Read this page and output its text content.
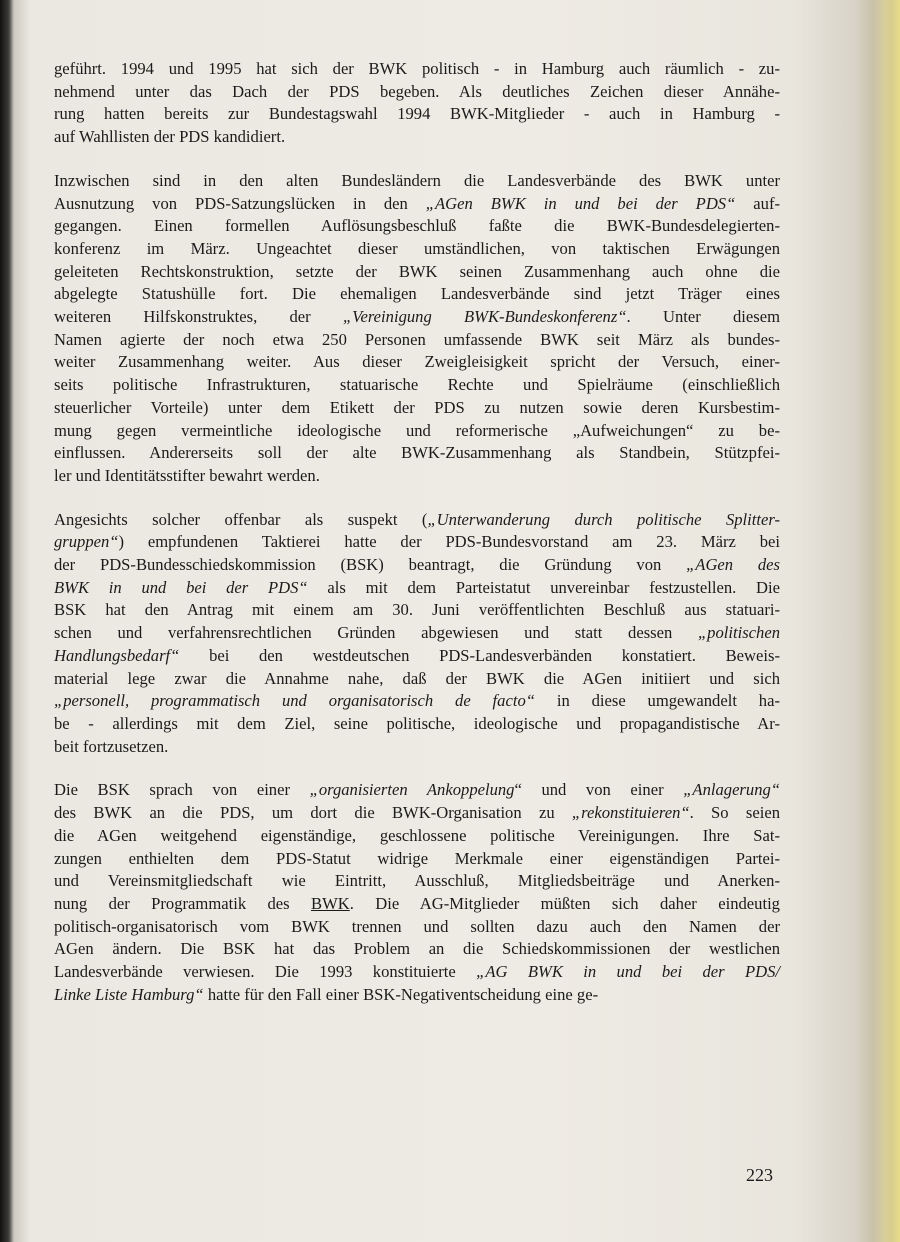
geführt. 1994 und 1995 hat sich der BWK politisch - in Hamburg auch räumlich - zu-
nehmend unter das Dach der PDS begeben. Als deutliches Zeichen dieser Annähe-
rung hatten bereits zur Bundestagswahl 1994 BWK-Mitglieder - auch in Hamburg -
auf Wahllisten der PDS kandidiert.
Inzwischen sind in den alten Bundesländern die Landesverbände des BWK unter
Ausnutzung von PDS-Satzungslücken in den „AGen BWK in und bei der PDS“ auf-
gegangen. Einen formellen Auflösungsbeschluß faßte die BWK-Bundesdelegierten-
konferenz im März. Ungeachtet dieser umständlichen, von taktischen Erwägungen
geleiteten Rechtskonstruktion, setzte der BWK seinen Zusammenhang auch ohne die
abgelegte Statushülle fort. Die ehemaligen Landesverbände sind jetzt Träger eines
weiteren Hilfskonstruktes, der „Vereinigung BWK-Bundeskonferenz“. Unter diesem
Namen agierte der noch etwa 250 Personen umfassende BWK seit März als bundes-
weiter Zusammenhang weiter. Aus dieser Zweigleisigkeit spricht der Versuch, einer-
seits politische Infrastrukturen, statuarische Rechte und Spielräume (einschließlich
steuerlicher Vorteile) unter dem Etikett der PDS zu nutzen sowie deren Kursbestim-
mung gegen vermeintliche ideologische und reformerische „Aufweichungen“ zu be-
einflussen. Andererseits soll der alte BWK-Zusammenhang als Standbein, Stützpfei-
ler und Identitätsstifter bewahrt werden.
Angesichts solcher offenbar als suspekt („Unterwanderung durch politische Splitter-
gruppen“) empfundenen Taktierei hatte der PDS-Bundesvorstand am 23. März bei
der PDS-Bundesschiedskommission (BSK) beantragt, die Gründung von „AGen des
BWK in und bei der PDS“ als mit dem Parteistatut unvereinbar festzustellen. Die
BSK hat den Antrag mit einem am 30. Juni veröffentlichten Beschluß aus statuari-
schen und verfahrensrechtlichen Gründen abgewiesen und statt dessen „politischen
Handlungsbedarf“ bei den westdeutschen PDS-Landesverbänden konstatiert. Beweis-
material lege zwar die Annahme nahe, daß der BWK die AGen initiiert und sich
„personell, programmatisch und organisatorisch de facto“ in diese umgewandelt ha-
be - allerdings mit dem Ziel, seine politische, ideologische und propagandistische Ar-
beit fortzusetzen.
Die BSK sprach von einer „organisierten Ankoppelung“ und von einer „Anlagerung“
des BWK an die PDS, um dort die BWK-Organisation zu „rekonstituieren“. So seien
die AGen weitgehend eigenständige, geschlossene politische Vereinigungen. Ihre Sat-
zungen enthielten dem PDS-Statut widrige Merkmale einer eigenständigen Partei-
und Vereinsmitgliedschaft wie Eintritt, Ausschluß, Mitgliedsbeiträge und Anerken-
nung der Programmatik des BWK. Die AG-Mitglieder müßten sich daher eindeutig
politisch-organisatorisch vom BWK trennen und sollten dazu auch den Namen der
AGen ändern. Die BSK hat das Problem an die Schiedskommissionen der westlichen
Landesverbände verwiesen. Die 1993 konstituierte „AG BWK in und bei der PDS/
Linke Liste Hamburg“ hatte für den Fall einer BSK-Negativentscheidung eine ge-
223
